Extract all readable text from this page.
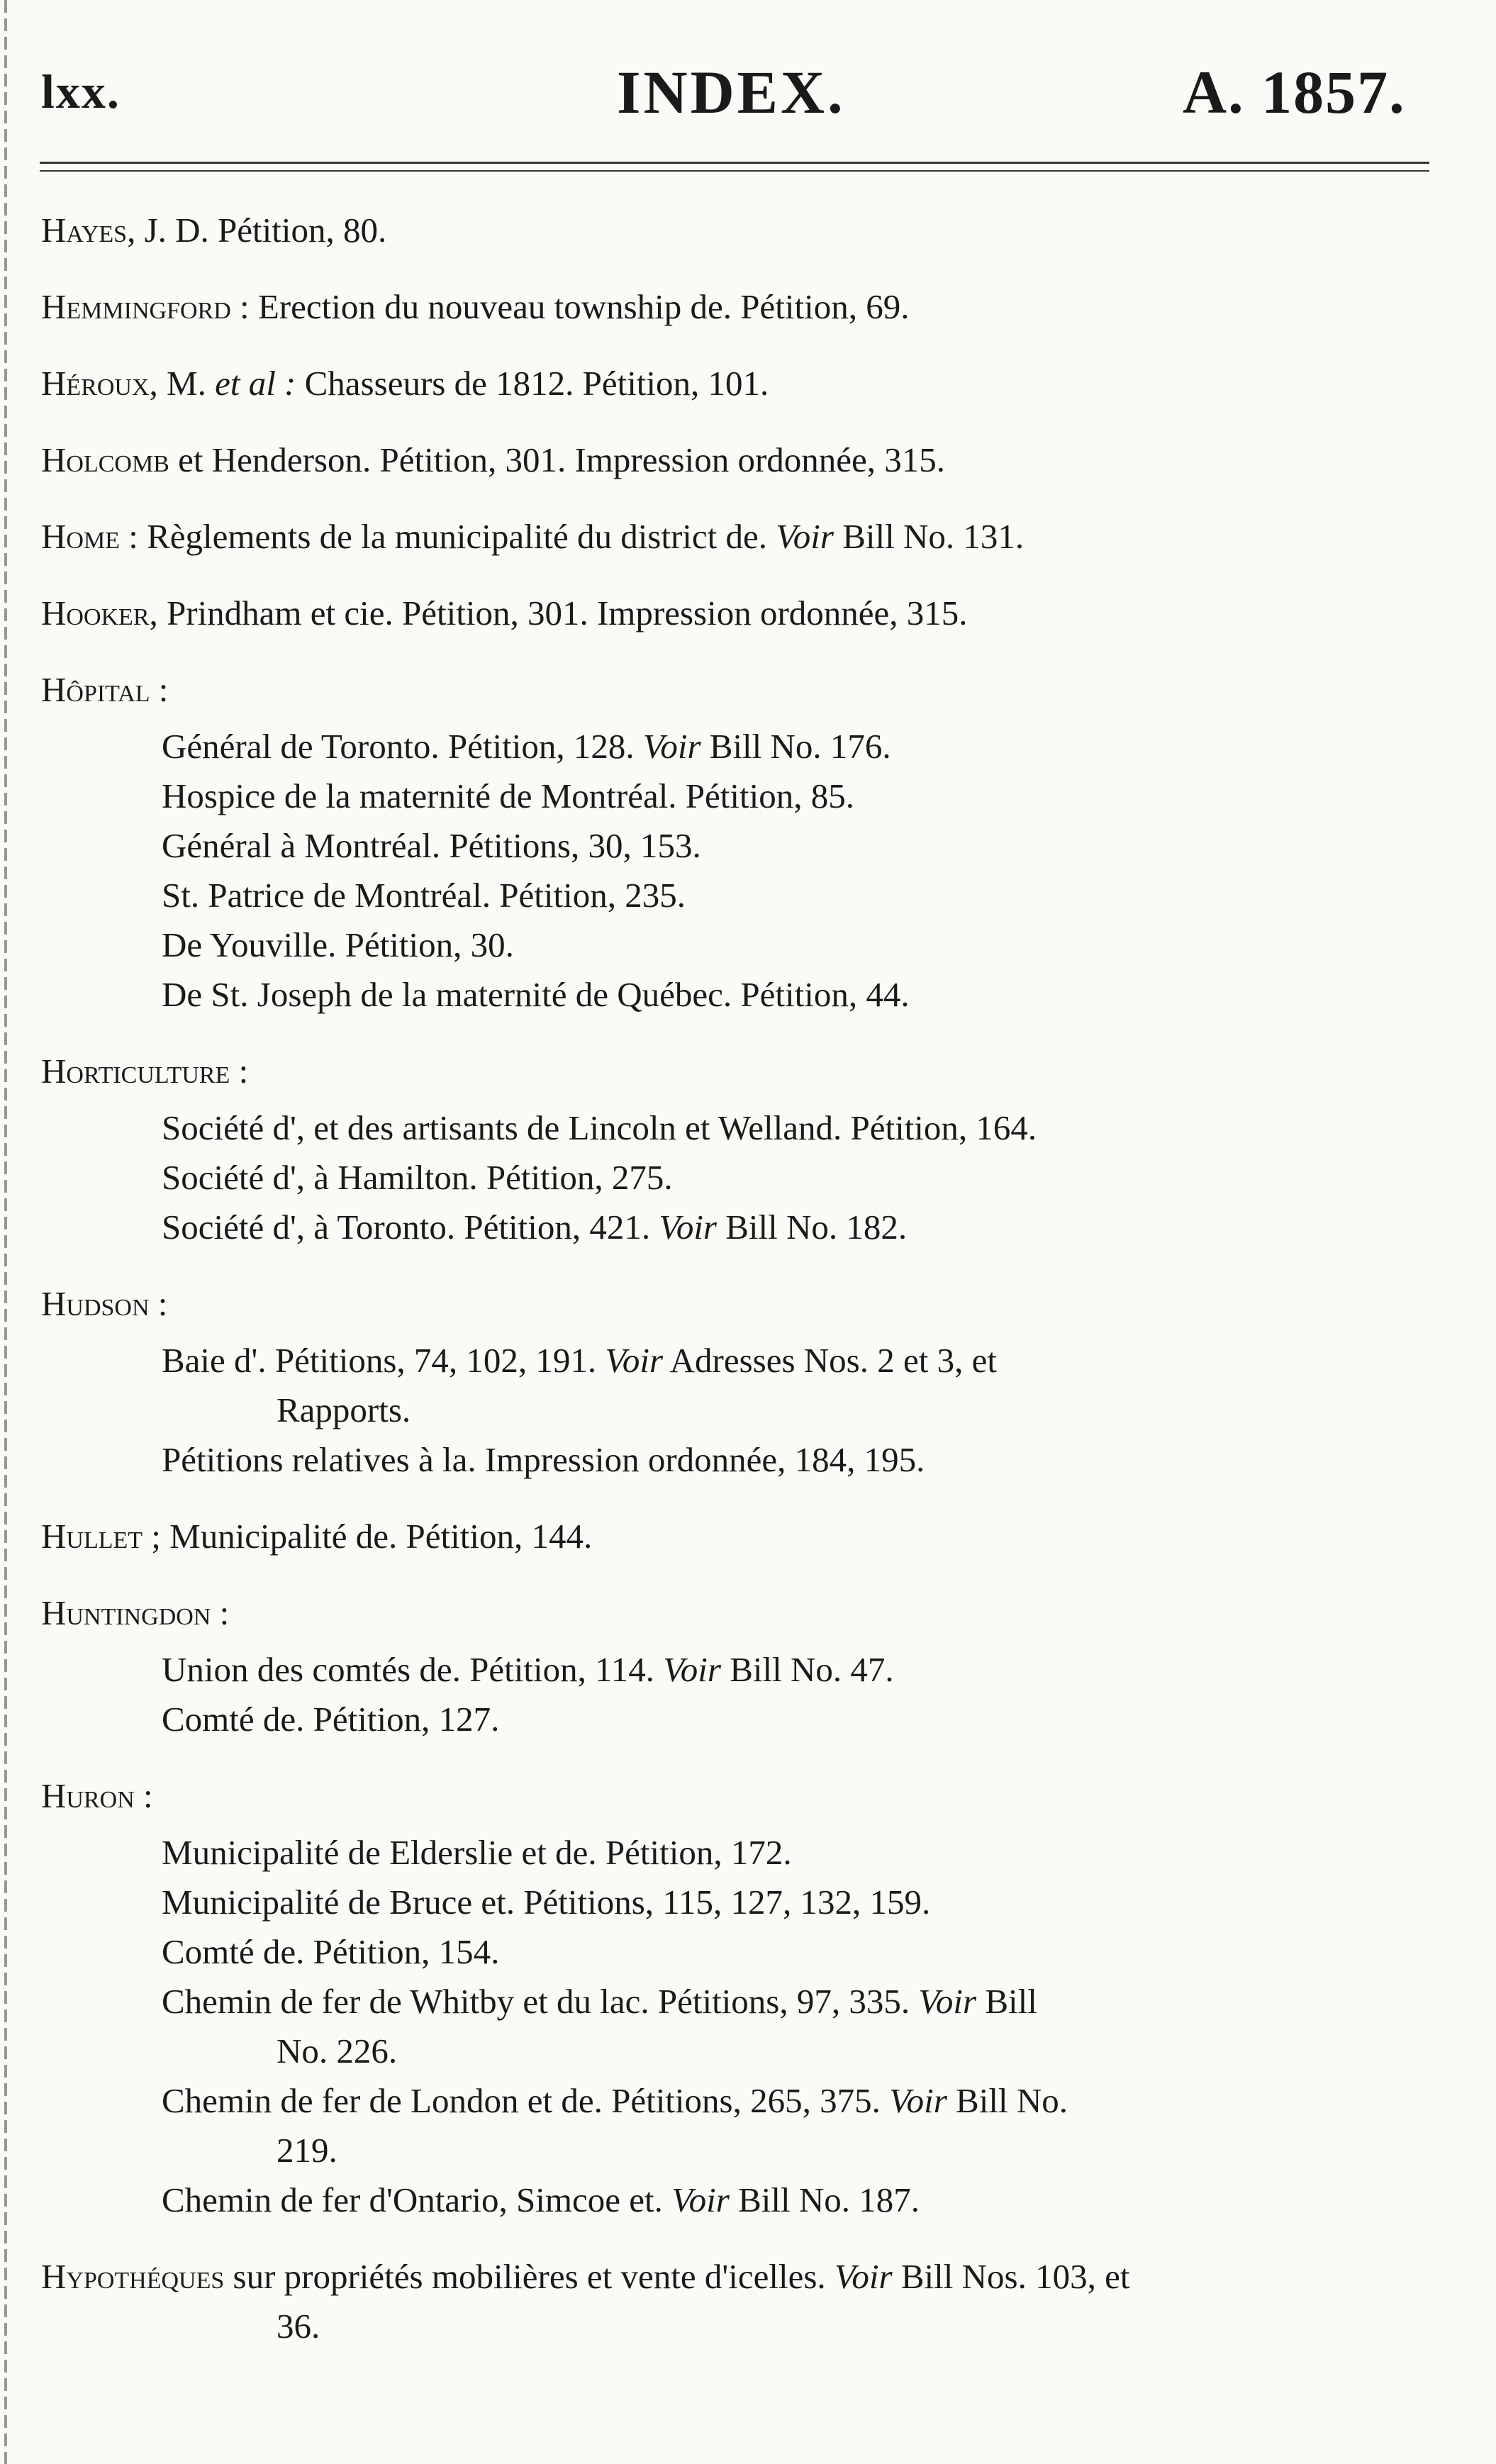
lxx.	INDEX.	A. 1857.
Hayes, J. D. Pétition, 80.
Hemmingford : Erection du nouveau township de. Pétition, 69.
Héroux, M. et al : Chasseurs de 1812. Pétition, 101.
Holcomb et Henderson. Pétition, 301. Impression ordonnée, 315.
Home : Règlements de la municipalité du district de. Voir Bill No. 131.
Hooker, Prindham et cie. Pétition, 301. Impression ordonnée, 315.
Hôpital :
Général de Toronto. Pétition, 128. Voir Bill No. 176.
Hospice de la maternité de Montréal. Pétition, 85.
Général à Montréal. Pétitions, 30, 153.
St. Patrice de Montréal. Pétition, 235.
De Youville. Pétition, 30.
De St. Joseph de la maternité de Québec. Pétition, 44.
Horticulture :
Société d', et des artisants de Lincoln et Welland. Pétition, 164.
Société d', à Hamilton. Pétition, 275.
Société d', à Toronto. Pétition, 421. Voir Bill No. 182.
Hudson :
Baie d'. Pétitions, 74, 102, 191. Voir Adresses Nos. 2 et 3, et
Rapports.
Pétitions relatives à la. Impression ordonnée, 184, 195.
Hullet ; Municipalité de. Pétition, 144.
Huntingdon :
Union des comtés de. Pétition, 114. Voir Bill No. 47.
Comté de. Pétition, 127.
Huron :
Municipalité de Elderslie et de. Pétition, 172.
Municipalité de Bruce et. Pétitions, 115, 127, 132, 159.
Comté de. Pétition, 154.
Chemin de fer de Whitby et du lac. Pétitions, 97, 335. Voir Bill
No. 226.
Chemin de fer de London et de. Pétitions, 265, 375. Voir Bill No.
219.
Chemin de fer d'Ontario, Simcoe et. Voir Bill No. 187.
Hypothéques sur propriétés mobilières et vente d'icelles. Voir Bill Nos. 103, et
36.
